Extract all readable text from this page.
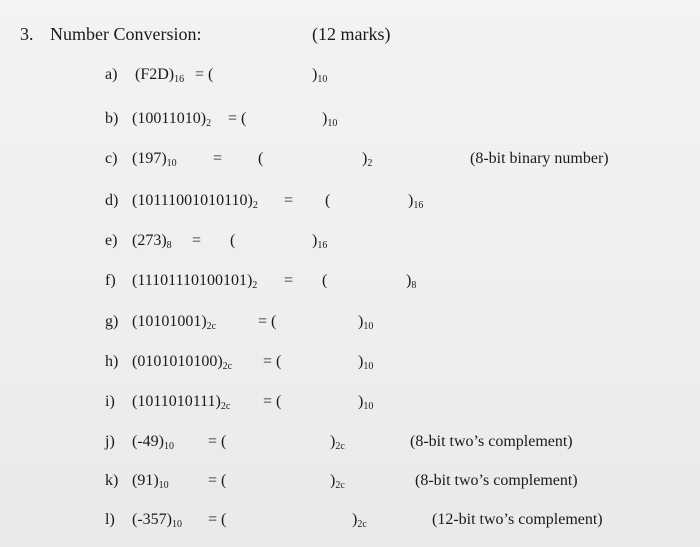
3. Number Conversion:	(12 marks)
a) $(F2D)_{16}$ = (	)$_{10}$
b) $(10011010)_2$ = (	)$_{10}$
c) $(197)_{10}$ = (	)$_2$	(8-bit binary number)
d) $(10111001010110)_2$ = (	)$_{16}$
e) $(273)_8$ = (	)$_{16}$
f) $(11101110100101)_2$ = (	)$_8$
g) $(10101001)_{2c}$	= (	)$_{10}$
h) $(0101010100)_{2c}$ = (	)$_{10}$
i) $(1011010111)_{2c}$ = (	)$_{10}$
j) $(-49)_{10}$ = (	)$_{2c}$	(8-bit two’s complement)
k) $(91)_{10}$ = (	)$_{2c}$	(8-bit two’s complement)
l) $(-357)_{10}$ = (	)$_{2c}$	(12-bit two’s complement)
